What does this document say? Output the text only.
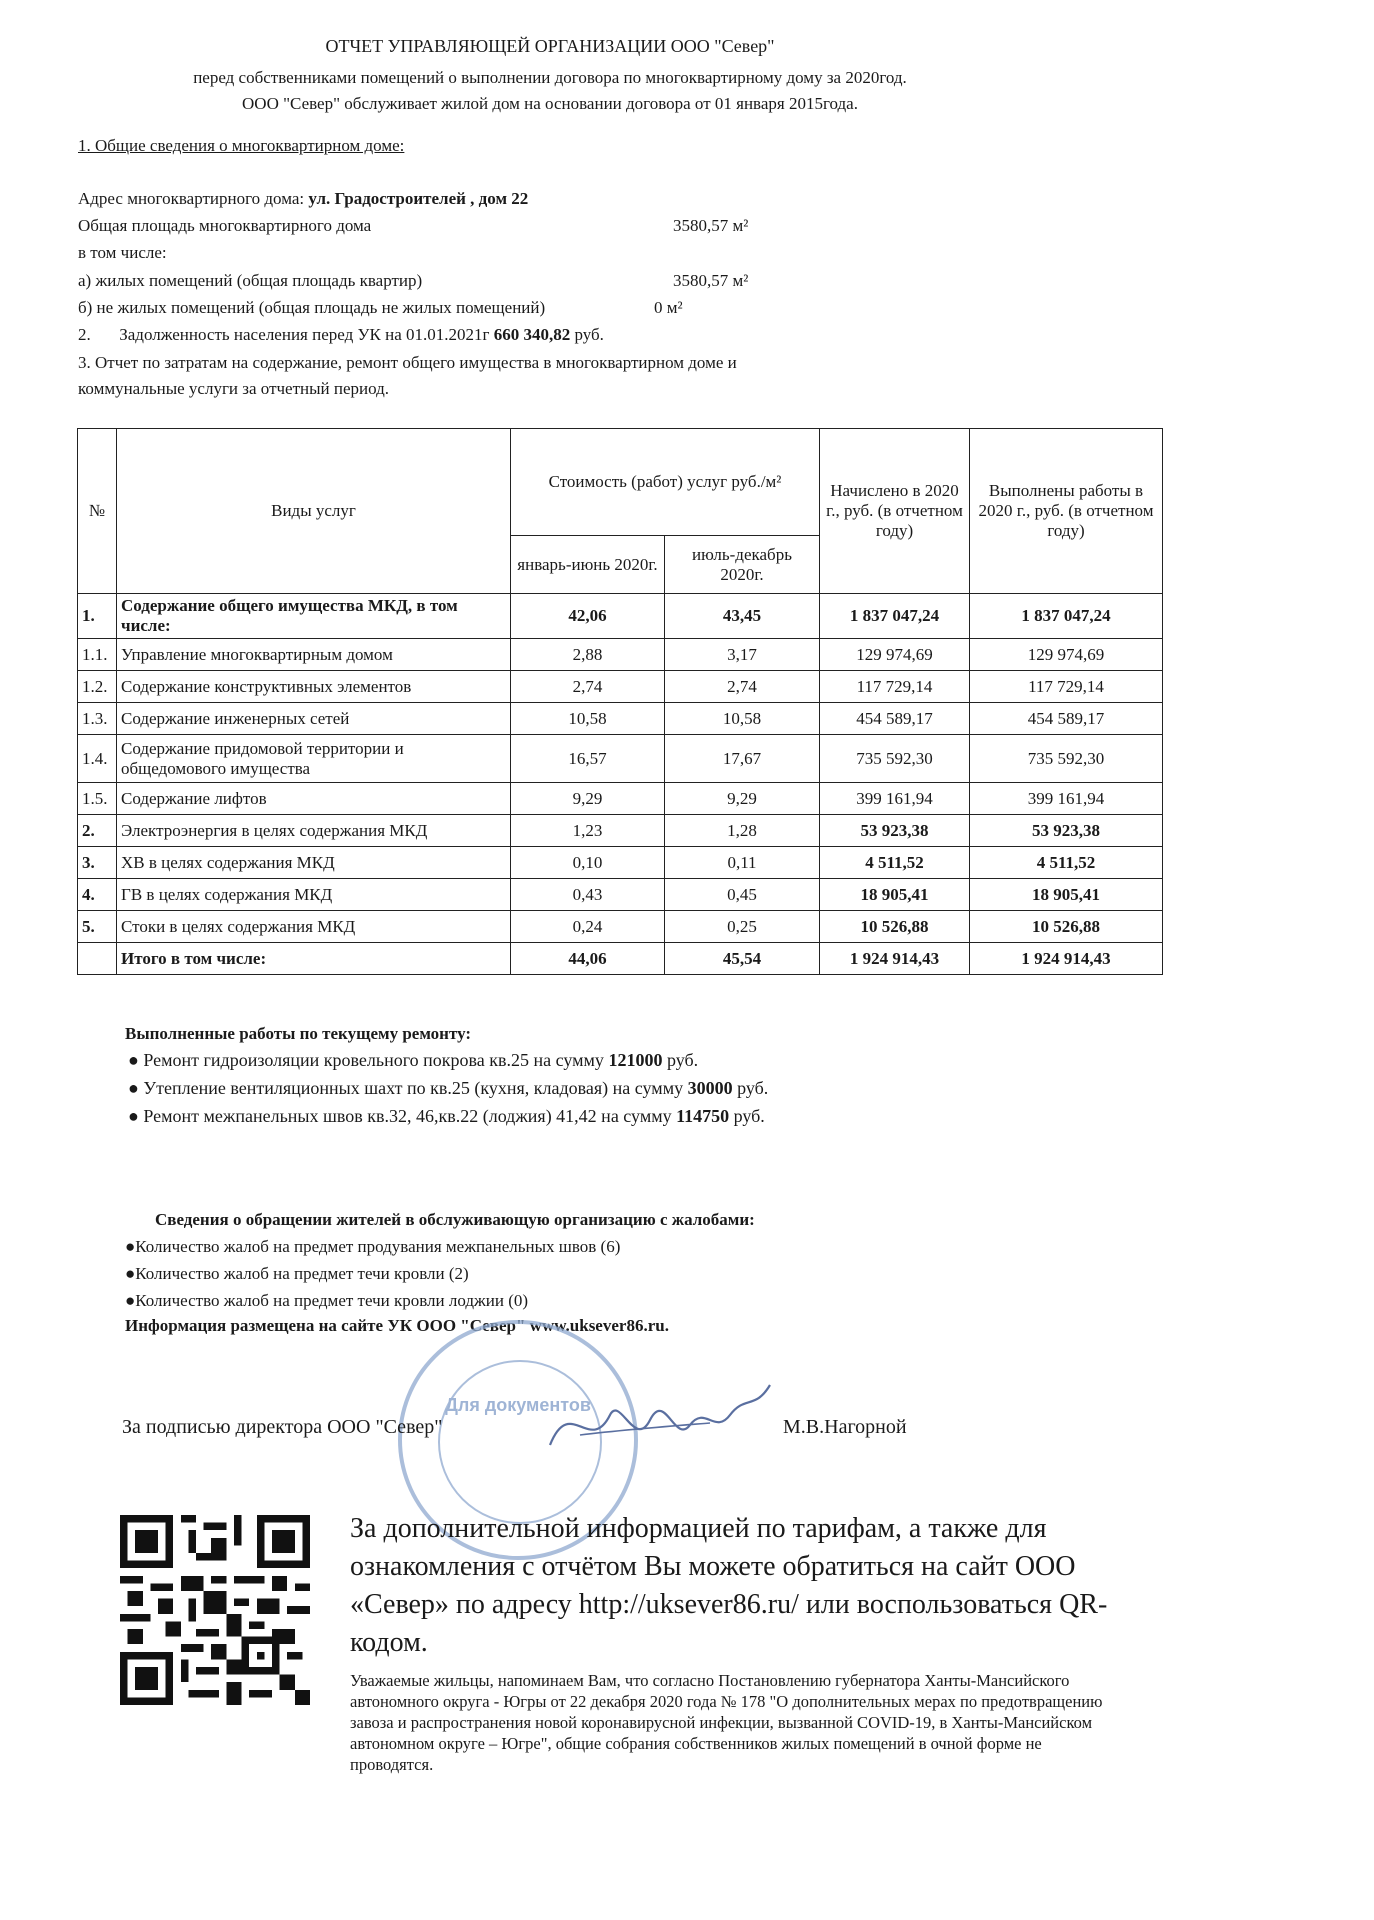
ОТЧЕТ УПРАВЛЯЮЩЕЙ ОРГАНИЗАЦИИ ООО "Север"
перед собственниками помещений о выполнении договора по многоквартирному дому за 2020год.
ООО "Север" обслуживает жилой дом на основании договора от 01 января 2015года.
1. Общие сведения о многоквартирном доме:
Адрес многоквартирного дома: ул. Градостроителей , дом 22
Общая площадь многоквартирного дома	3580,57 м²
в том числе:
а) жилых помещений (общая площадь квартир)	3580,57 м²
б) не жилых помещений (общая площадь не жилых помещений)	0 м²
2. Задолженность населения перед УК на 01.01.2021г 660 340,82 руб.
3. Отчет по затратам на содержание, ремонт общего имущества в многоквартирном доме и
коммунальные услуги за отчетный период.
№	Виды услуг	Стоимость (работ) услуг руб./м²		Начислено в 2020 г., руб. (в отчетном году)	Выполнены работы в 2020 г., руб. (в отчетном году)
		январь-июнь 2020г.	июль-декабрь 2020г.		
1.	Содержание общего имущества МКД, в том числе:	42,06	43,45	1 837 047,24	1 837 047,24
1.1.	Управление многоквартирным домом	2,88	3,17	129 974,69	129 974,69
1.2.	Содержание конструктивных элементов	2,74	2,74	117 729,14	117 729,14
1.3.	Содержание инженерных сетей	10,58	10,58	454 589,17	454 589,17
1.4.	Содержание придомовой территории и общедомового имущества	16,57	17,67	735 592,30	735 592,30
1.5.	Содержание лифтов	9,29	9,29	399 161,94	399 161,94
2.	Электроэнергия в целях содержания МКД	1,23	1,28	53 923,38	53 923,38
3.	ХВ в целях содержания МКД	0,10	0,11	4 511,52	4 511,52
4.	ГВ в целях содержания МКД	0,43	0,45	18 905,41	18 905,41
5.	Стоки в целях содержания МКД	0,24	0,25	10 526,88	10 526,88
	Итого в том числе:	44,06	45,54	1 924 914,43	1 924 914,43
Выполненные работы по текущему ремонту:
● Ремонт гидроизоляции кровельного покрова кв.25 на сумму 121000 руб.
● Утепление вентиляционных шахт по кв.25 (кухня, кладовая) на сумму 30000 руб.
● Ремонт межпанельных швов кв.32, 46,кв.22 (лоджия) 41,42 на сумму 114750 руб.
Сведения о обращении жителей в обслуживающую организацию с жалобами:
●Количество жалоб на предмет продувания межпанельных швов (6)
●Количество жалоб на предмет течи кровли (2)
●Количество жалоб на предмет течи кровли лоджии (0)
Информация размещена на сайте УК ООО "Север" www.uksever86.ru.
Для документов
За подписью директора ООО "Север"	М.В.Нагорной
За дополнительной информацией по тарифам, а также для ознакомления с отчётом Вы можете обратиться на сайт ООО «Север» по адресу http://uksever86.ru/ или воспользоваться QR-кодом.
Уважаемые жильцы, напоминаем Вам, что согласно Постановлению губернатора Ханты-Мансийского автономного округа - Югры от 22 декабря 2020 года № 178 "О дополнительных мерах по предотвращению завоза и распространения новой коронавирусной инфекции, вызванной COVID-19, в Ханты-Мансийском автономном округе – Югре", общие собрания собственников жилых помещений в очной форме не проводятся.
